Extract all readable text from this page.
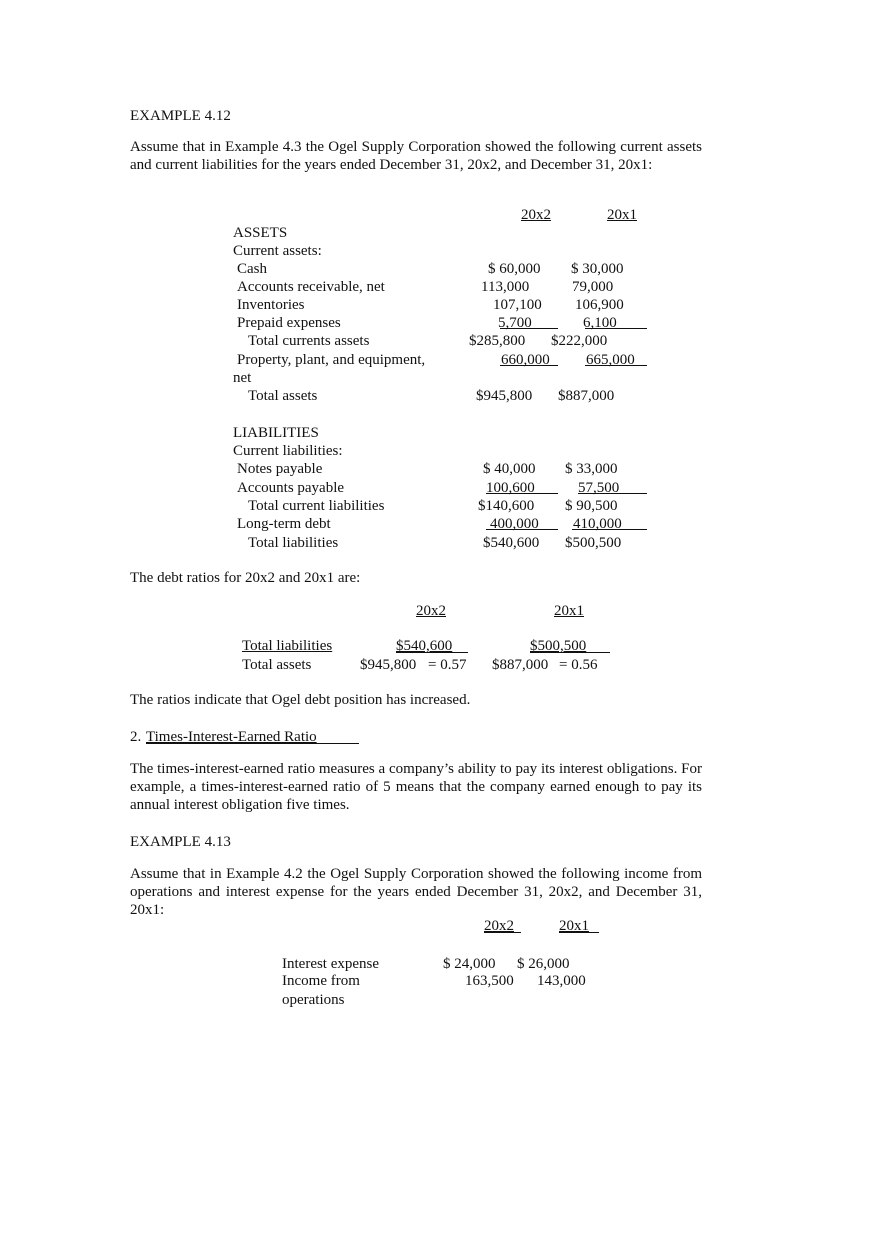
EXAMPLE 4.12
Assume that in Example 4.3 the Ogel Supply Corporation showed the following current assets and current liabilities for the years ended December 31, 20x2, and December 31, 20x1:
20x2	20x1
ASSETS
Current assets:
Cash	$ 60,000 $ 30,000
Accounts receivable, net	113,000	79,000
Inventories	107,100 106,900
Prepaid expenses	5,700	6,100
Total currents assets	$285,800 $222,000
Property, plant, and equipment,	660,000 665,000
net
Total assets	$945,800 $887,000
LIABILITIES
Current liabilities:
Notes payable	$ 40,000 $ 33,000
Accounts payable	100,600	57,500
Total current liabilities	$140,600 $ 90,500
Long-term debt	400,000 410,000
Total liabilities	$540,600 $500,500
The debt ratios for 20x2 and 20x1 are:
20x2	20x1
Total liabilities	$540,600	$500,500
Total assets	$945,800 = 0.57 $887,000 = 0.56
The ratios indicate that Ogel debt position has increased.
2. Times-Interest-Earned Ratio
The times-interest-earned ratio measures a company’s ability to pay its interest obligations. For example, a times-interest-earned ratio of 5 means that the company earned enough to pay its annual interest obligation five times.
EXAMPLE 4.13
Assume that in Example 4.2 the Ogel Supply Corporation showed the following income from operations and interest expense for the years ended December 31, 20x2, and December 31, 20x1:
20x2	20x1
Interest expense	$ 24,000 $ 26,000
Income from	163,500 143,000
operations
